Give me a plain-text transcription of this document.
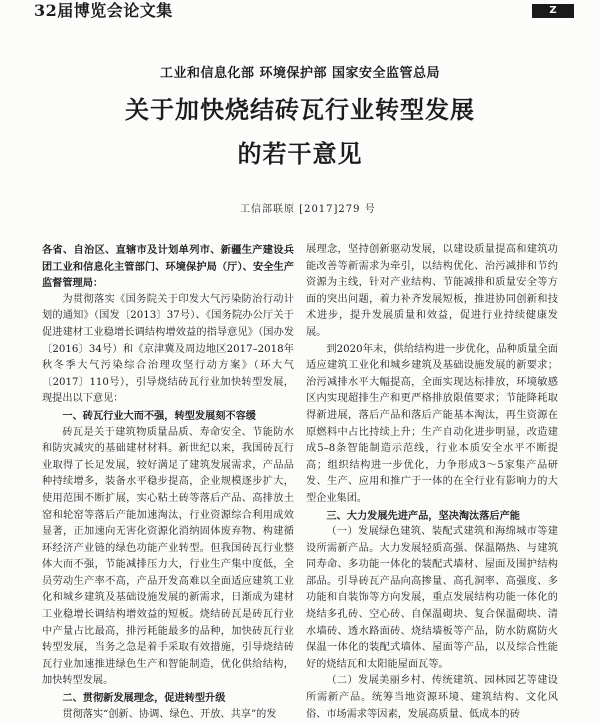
32届博览会论文集	Z
工业和信息化部 环境保护部 国家安全监管总局
关于加快烧结砖瓦行业转型发展
的若干意见
工信部联原 [2017]279 号

各省、自治区、直辖市及计划单列市、新疆生产建设兵团工业和信息化主管部门、环境保护局（厅）、安全生产监督管理局：

为贯彻落实《国务院关于印发大气污染防治行动计划的通知》（国发〔2013〕37号）、《国务院办公厅关于促进建材工业稳增长调结构增效益的指导意见》（国办发〔2016〕34号）和《京津冀及周边地区2017–2018年秋冬季大气污染综合治理攻坚行动方案》（环大气〔2017〕110号），引导烧结砖瓦行业加快转型发展，现提出以下意见：

一、砖瓦行业大而不强，转型发展刻不容缓

砖瓦是关于建筑物质量品质、寿命安全、节能防水和防灾减灾的基础建材材料。新世纪以来，我国砖瓦行业取得了长足发展，较好满足了建筑发展需求，产品品种持续增多，装备水平稳步提高，企业规模逐步扩大，使用范围不断扩展，实心粘土砖等落后产品、高排放土窑和轮窑等落后产能加速淘汰，行业资源综合利用成效显著，正加速向无害化资源化消纳固体废弃物、构建循环经济产业链的绿色功能产业转型。但我国砖瓦行业整体大而不强，节能减排压力大，行业生产集中度低，全员劳动生产率不高，产品开发高难以全面适应建筑工业化和城乡建筑及基础设施发展的新需求，日渐成为建材工业稳增长调结构增效益的短板。烧结砖瓦是砖瓦行业中产量占比最高，排污耗能最多的品种，加快砖瓦行业转型发展，当务之急是着手采取有效措施，引导烧结砖瓦行业加速推进绿色生产和智能制造，优化供给结构，加快转型发展。

二、贯彻新发展理念，促进转型升级

贯彻落实“创新、协调、绿色、开放、共享”的发

展理念，坚持创新驱动发展，以建设质量提高和建筑功能改善等新需求为牵引，以结构优化、治污减排和节约资源为主线，针对产业结构、节能减排和质量安全等方面的突出问题，着力补齐发展短板，推进协同创新和技术进步，提升发展质量和效益，促进行业持续健康发展。

到2020年末，供给结构进一步优化，品种质量全面适应建筑工业化和城乡建筑及基础设施发展的新要求；治污减排水平大幅提高，全面实现达标排放，环境敏感区内实现超排生产和更严格排放限值要求；节能降耗取得新进展，落后产品和落后产能基本淘汰，再生资源在原燃料中占比持续上升；生产自动化进步明显，改造建成5–8条智能制造示范线，行业本质安全水平不断提高；组织结构进一步优化，力争形成3～5家集产品研发、生产、应用和推广于一体的在全行业有影响力的大型企业集团。

三、大力发展先进产品，坚决淘汰落后产能

（一）发展绿色建筑、装配式建筑和海绵城市等建设所需新产品。大力发展轻质高强、保温隔热、与建筑同寿命、多功能一体化的装配式墙材、屋面及围护结构部品。引导砖瓦产品向高掺量、高孔洞率、高强度、多功能和自装饰等方向发展，重点发展结构功能一体化的烧结多孔砖、空心砖、自保温砌块、复合保温砌块、清水墙砖、透水路面砖、烧结墙板等产品，防水防腐防火保温一体化的装配式墙体、屋面等产品，以及综合性能好的烧结瓦和太阳能屋面瓦等。

（二）发展美丽乡村、传统建筑、园林园艺等建设所需新产品。统筹当地资源环境、建筑结构、文化风俗、市场需求等因素，发展高质量、低成本的砖
